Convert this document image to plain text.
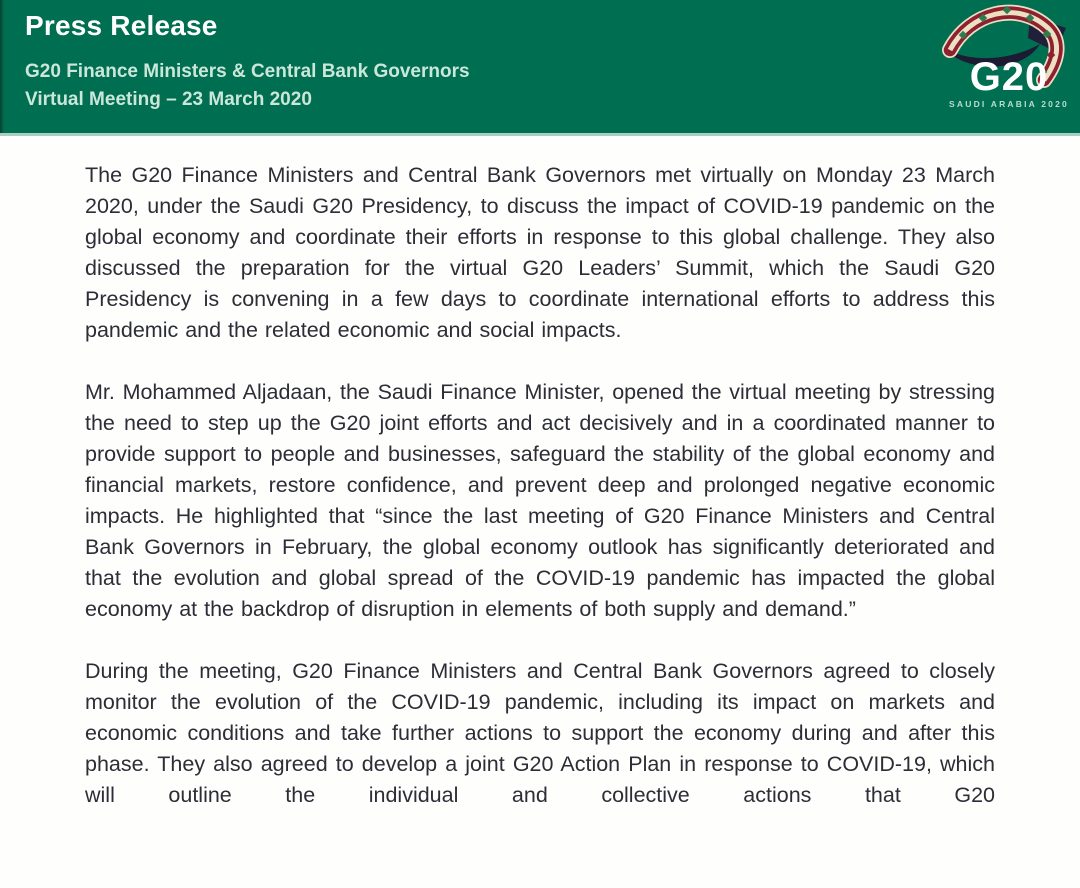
Press Release
G20 Finance Ministers & Central Bank Governors
Virtual Meeting – 23 March 2020
G20
SAUDI ARABIA 2020

The G20 Finance Ministers and Central Bank Governors met virtually on Monday 23 March 2020, under the Saudi G20 Presidency, to discuss the impact of COVID-19 pandemic on the global economy and coordinate their efforts in response to this global challenge. They also discussed the preparation for the virtual G20 Leaders’ Summit, which the Saudi G20 Presidency is convening in a few days to coordinate international efforts to address this pandemic and the related economic and social impacts.

Mr. Mohammed Aljadaan, the Saudi Finance Minister, opened the virtual meeting by stressing the need to step up the G20 joint efforts and act decisively and in a coordinated manner to provide support to people and businesses, safeguard the stability of the global economy and financial markets, restore confidence, and prevent deep and prolonged negative economic impacts. He highlighted that “since the last meeting of G20 Finance Ministers and Central Bank Governors in February, the global economy outlook has significantly deteriorated and that the evolution and global spread of the COVID-19 pandemic has impacted the global economy at the backdrop of disruption in elements of both supply and demand.”

During the meeting, G20 Finance Ministers and Central Bank Governors agreed to closely monitor the evolution of the COVID-19 pandemic, including its impact on markets and economic conditions and take further actions to support the economy during and after this phase. They also agreed to develop a joint G20 Action Plan in response to COVID-19, which will outline the individual and collective actions that G20
